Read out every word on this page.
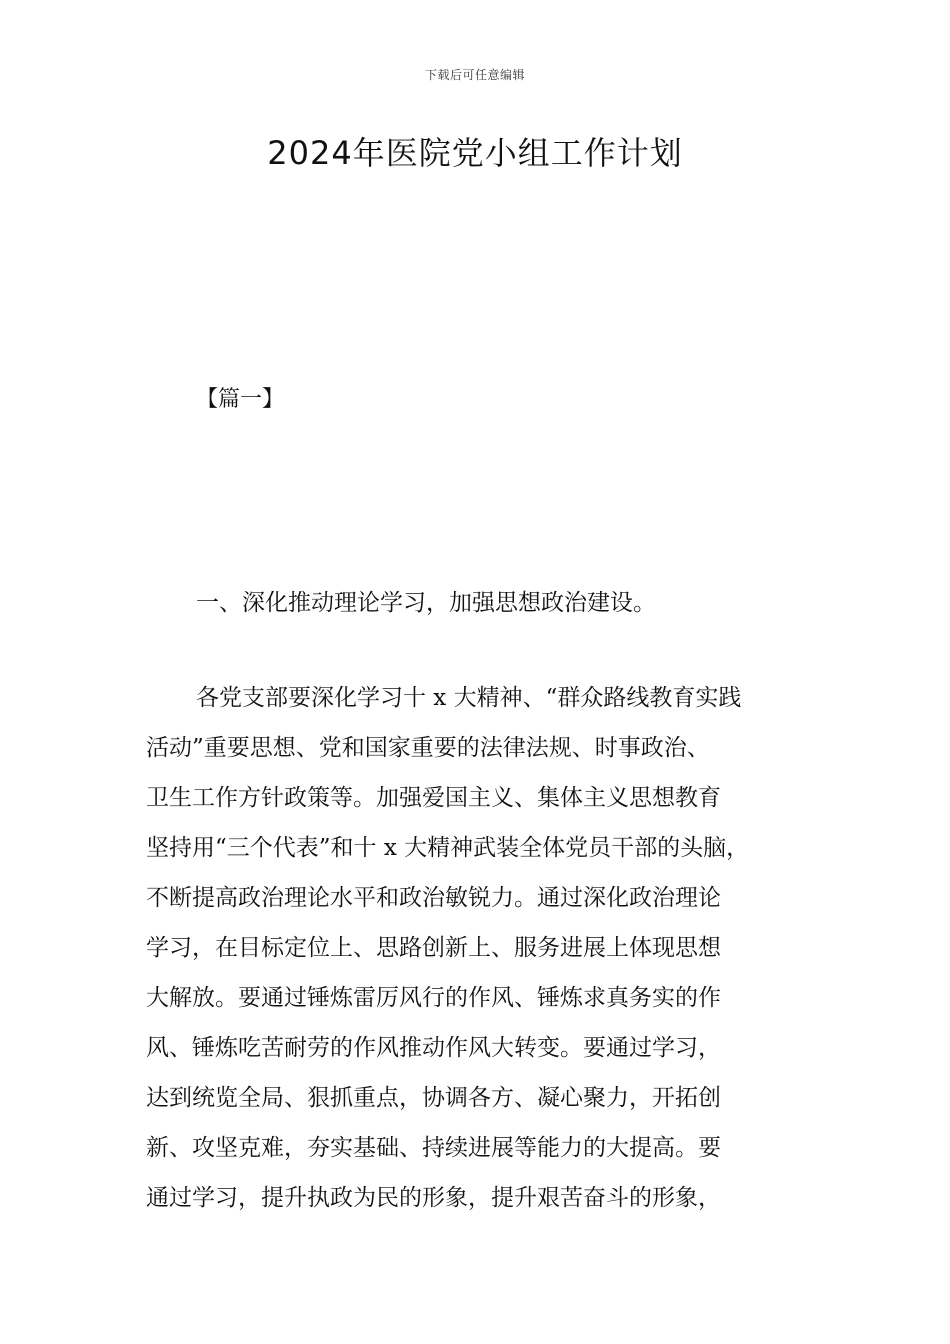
下载后可任意编辑
2024年医院党小组工作计划
【篇一】
一、深化推动理论学习，加强思想政治建设。
各党支部要深化学习十 x 大精神、“群众路线教育实践
活动”重要思想、党和国家重要的法律法规、时事政治、
卫生工作方针政策等。加强爱国主义、集体主义思想教育
坚持用“三个代表”和十 x 大精神武装全体党员干部的头脑，
不断提高政治理论水平和政治敏锐力。通过深化政治理论
学习，在目标定位上、思路创新上、服务进展上体现思想
大解放。要通过锤炼雷厉风行的作风、锤炼求真务实的作
风、锤炼吃苦耐劳的作风推动作风大转变。要通过学习，
达到统览全局、狠抓重点，协调各方、凝心聚力，开拓创
新、攻坚克难，夯实基础、持续进展等能力的大提高。要
通过学习，提升执政为民的形象，提升艰苦奋斗的形象，
